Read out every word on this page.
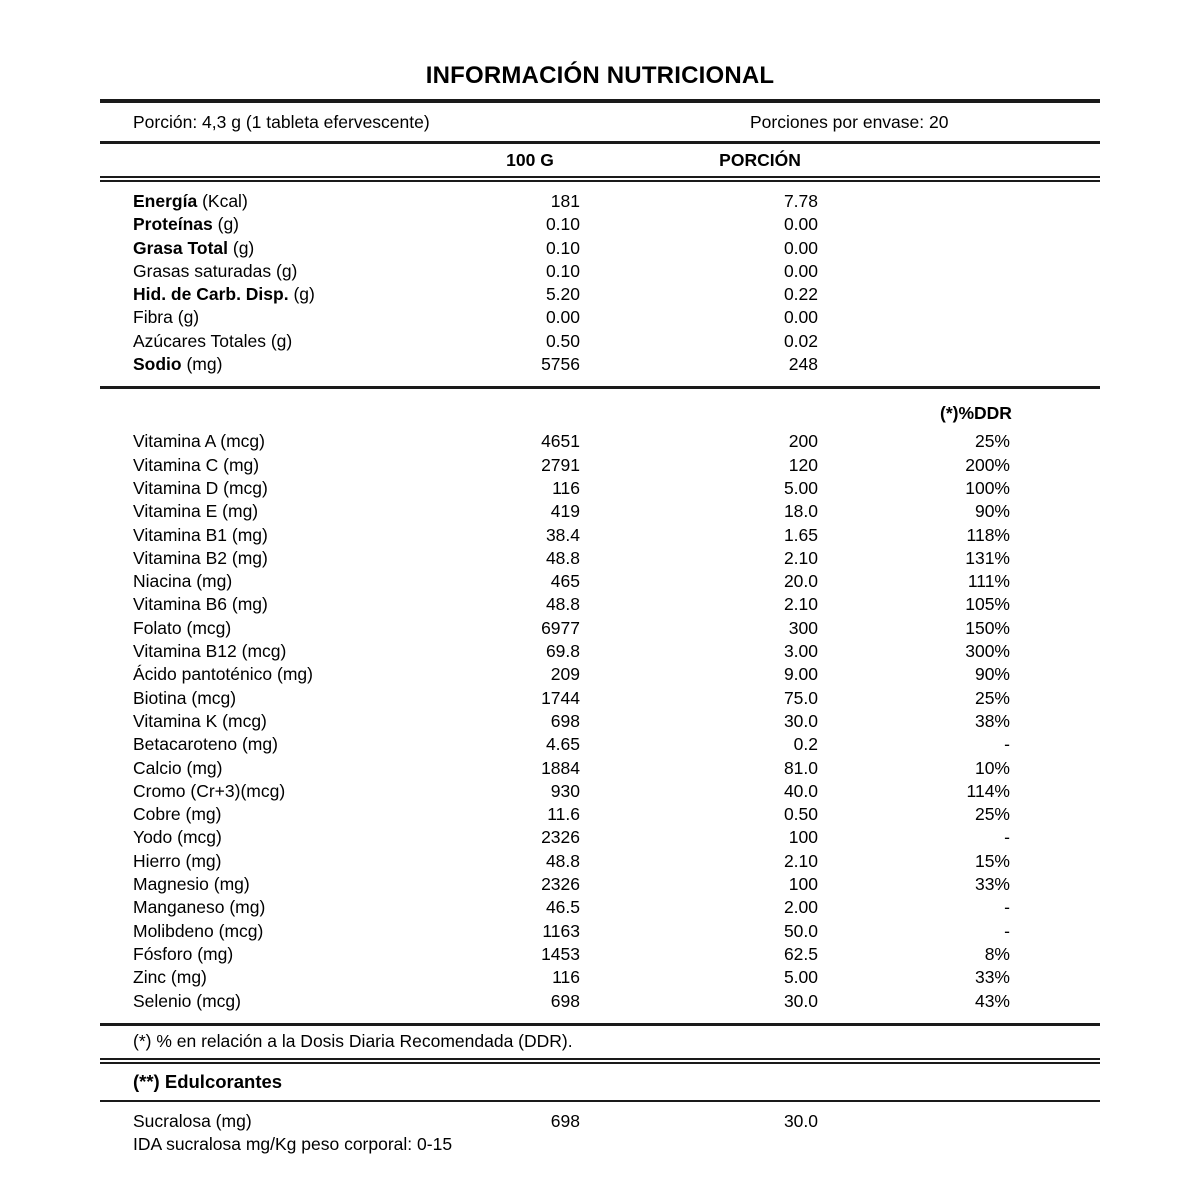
INFORMACIÓN NUTRICIONAL
Porción: 4,3 g (1 tableta efervescente)	Porciones por envase: 20
100 G	PORCIÓN
Energía (Kcal)	181	7.78
Proteínas (g)	0.10	0.00
Grasa Total (g)	0.10	0.00
Grasas saturadas (g)	0.10	0.00
Hid. de Carb. Disp. (g)	5.20	0.22
Fibra (g)	0.00	0.00
Azúcares Totales (g)	0.50	0.02
Sodio (mg)	5756	248
(*)%DDR
Vitamina A (mcg)	4651	200	25%
Vitamina C (mg)	2791	120	200%
Vitamina D (mcg)	116	5.00	100%
Vitamina E (mg)	419	18.0	90%
Vitamina B1 (mg)	38.4	1.65	118%
Vitamina B2 (mg)	48.8	2.10	131%
Niacina (mg)	465	20.0	111%
Vitamina B6 (mg)	48.8	2.10	105%
Folato (mcg)	6977	300	150%
Vitamina B12 (mcg)	69.8	3.00	300%
Ácido pantoténico (mg)	209	9.00	90%
Biotina (mcg)	1744	75.0	25%
Vitamina K (mcg)	698	30.0	38%
Betacaroteno (mg)	4.65	0.2	-
Calcio (mg)	1884	81.0	10%
Cromo (Cr+3)(mcg)	930	40.0	114%
Cobre (mg)	11.6	0.50	25%
Yodo (mcg)	2326	100	-
Hierro (mg)	48.8	2.10	15%
Magnesio (mg)	2326	100	33%
Manganeso (mg)	46.5	2.00	-
Molibdeno (mcg)	1163	50.0	-
Fósforo (mg)	1453	62.5	8%
Zinc (mg)	116	5.00	33%
Selenio (mcg)	698	30.0	43%
(*) % en relación a la Dosis Diaria Recomendada (DDR).
(**) Edulcorantes
Sucralosa (mg)	698	30.0
IDA sucralosa mg/Kg peso corporal: 0-15
